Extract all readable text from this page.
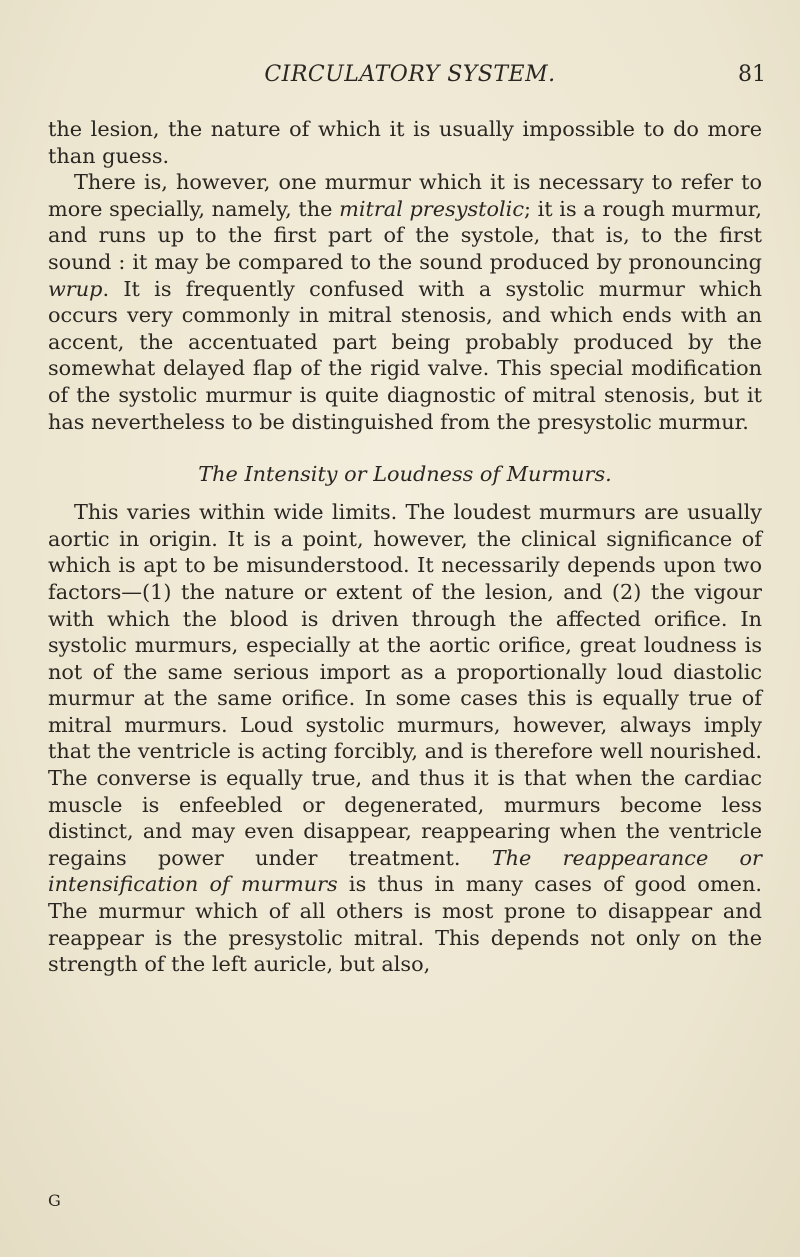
CIRCULATORY SYSTEM.	81

the lesion, the nature of which it is usually impossible to do more than guess.

There is, however, one murmur which it is necessary to refer to more specially, namely, the mitral presystolic; it is a rough murmur, and runs up to the first part of the systole, that is, to the first sound : it may be compared to the sound produced by pronouncing wrup. It is frequently confused with a systolic murmur which occurs very commonly in mitral stenosis, and which ends with an accent, the accentuated part being probably produced by the somewhat delayed flap of the rigid valve. This special modification of the systolic murmur is quite diagnostic of mitral stenosis, but it has nevertheless to be distinguished from the presystolic murmur.

The Intensity or Loudness of Murmurs.

This varies within wide limits. The loudest murmurs are usually aortic in origin. It is a point, however, the clinical significance of which is apt to be misunderstood. It necessarily depends upon two factors—(1) the nature or extent of the lesion, and (2) the vigour with which the blood is driven through the affected orifice. In systolic murmurs, especially at the aortic orifice, great loudness is not of the same serious import as a proportionally loud diastolic murmur at the same orifice. In some cases this is equally true of mitral murmurs. Loud systolic murmurs, however, always imply that the ventricle is acting forcibly, and is therefore well nourished. The converse is equally true, and thus it is that when the cardiac muscle is enfeebled or degenerated, murmurs become less distinct, and may even disappear, reappearing when the ventricle regains power under treatment. The reappearance or intensification of murmurs is thus in many cases of good omen. The murmur which of all others is most prone to disappear and reappear is the presystolic mitral. This depends not only on the strength of the left auricle, but also,

G
